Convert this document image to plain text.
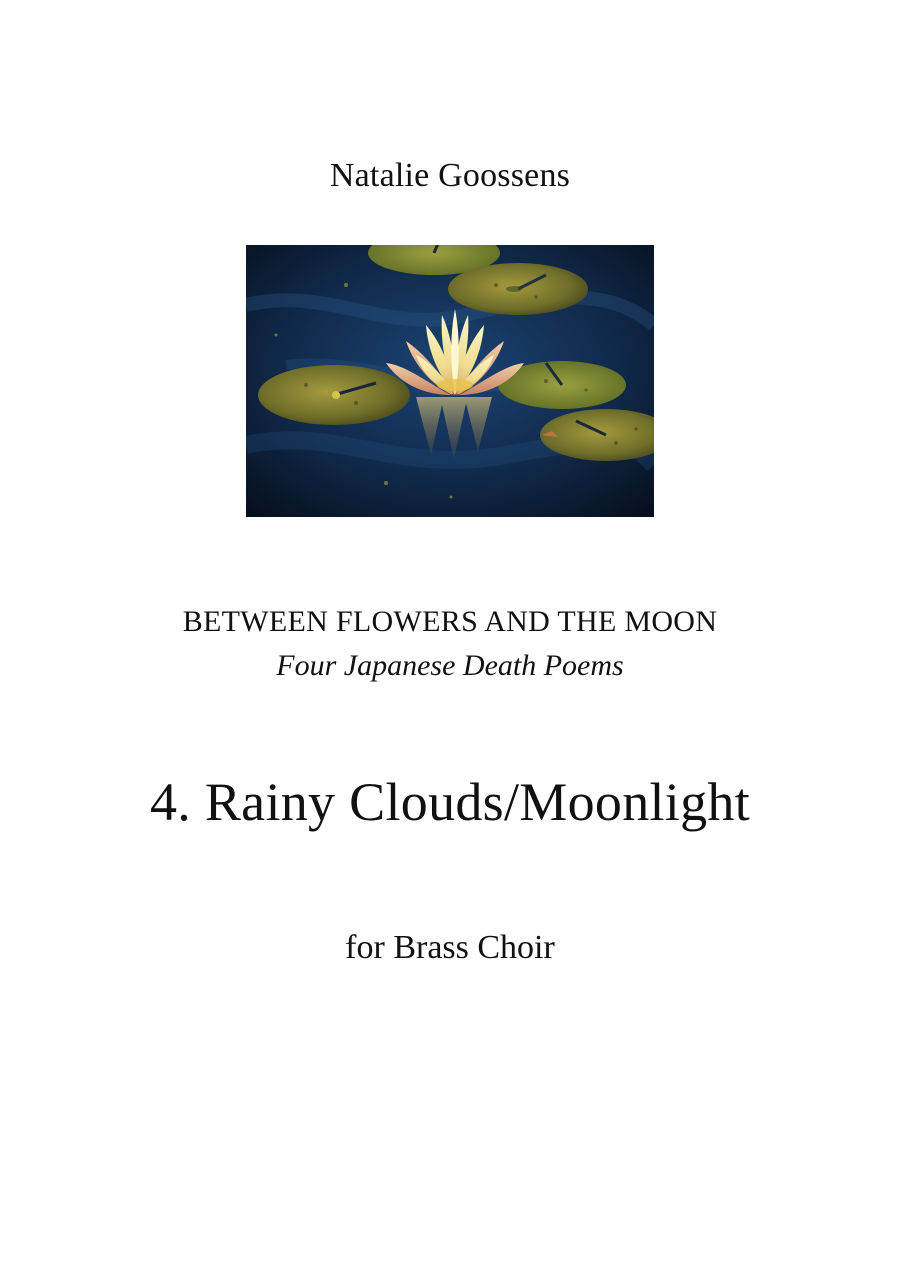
Natalie Goossens
BETWEEN FLOWERS AND THE MOON
Four Japanese Death Poems
4. Rainy Clouds/Moonlight
for Brass Choir
